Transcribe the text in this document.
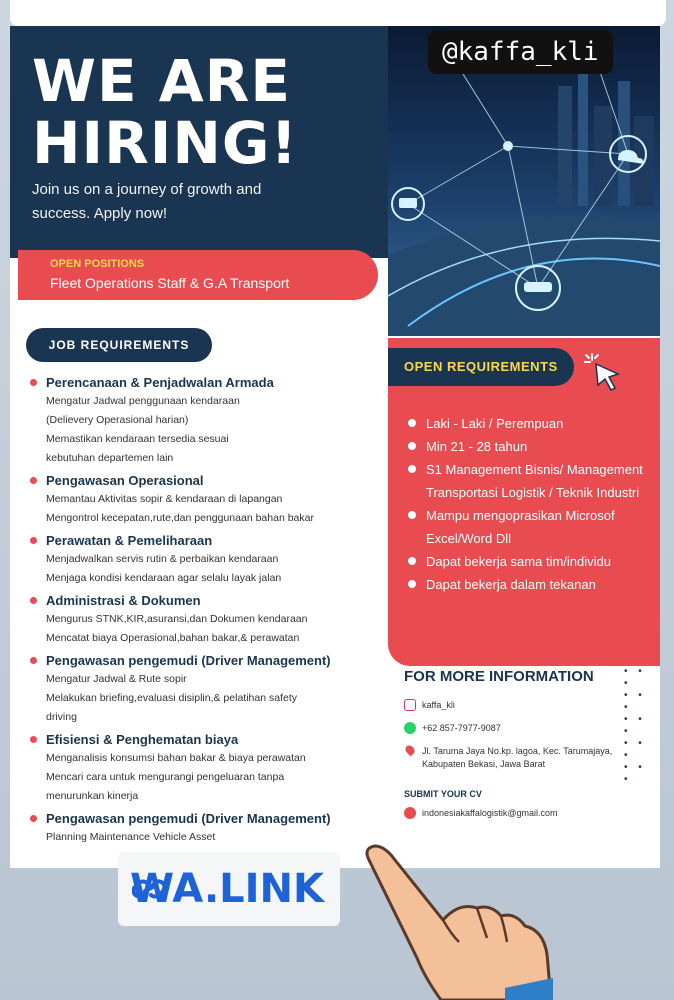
@kaffa_kli
WE ARE
HIRING!

Join us on a journey of growth and success. Apply now!

OPEN POSITIONS
Fleet Operations Staff & G.A Transport
JOB REQUIREMENTS
Perencanaan & Penjadwalan Armada

Mengatur Jadwal penggunaan kendaraan
(Delievery Operasional harian)
Memastikan kendaraan tersedia sesuai
kebutuhan departemen lain

Pengawasan Operasional

Memantau Aktivitas sopir & kendaraan di lapangan
Mengontrol kecepatan,rute,dan penggunaan bahan bakar

Perawatan & Pemeliharaan

Menjadwalkan servis rutin & perbaikan kendaraan
Menjaga kondisi kendaraan agar selalu layak jalan

Administrasi & Dokumen

Mengurus STNK,KIR,asuransi,dan Dokumen kendaraan
Mencatat biaya Operasional,bahan bakar,& perawatan

Pengawasan pengemudi (Driver Management)

Mengatur Jadwal & Rute sopir
Melakukan briefing,evaluasi disiplin,& pelatihan safety
driving

Efisiensi & Penghematan biaya

Menganalisis konsumsi bahan bakar & biaya perawatan
Mencari cara untuk mengurangi pengeluaran tanpa
menurunkan kinerja

Pengawasan pengemudi (Driver Management)

Planning Maintenance Vehicle Asset

OPEN REQUIREMENTS
Laki - Laki / Perempuan
Min 21 - 28 tahun
S1 Management Bisnis/ Management Transportasi Logistik / Teknik Industri
Mampu mengoprasikan Microsof Excel/Word Dll
Dapat bekerja sama tim/individu
Dapat bekerja dalam tekanan

FOR MORE INFORMATION	• • •
• • •
• • •
• • •
• • •
kaffa_kli
+62 857-7977-9087
Jl. Taruma Jaya No.kp. lagoa, Kec. Tarumajaya, Kabupaten Bekasi, Jawa Barat
SUBMIT YOUR CV
indonesiakaffalogistik@gmail.com
WA.LINK
